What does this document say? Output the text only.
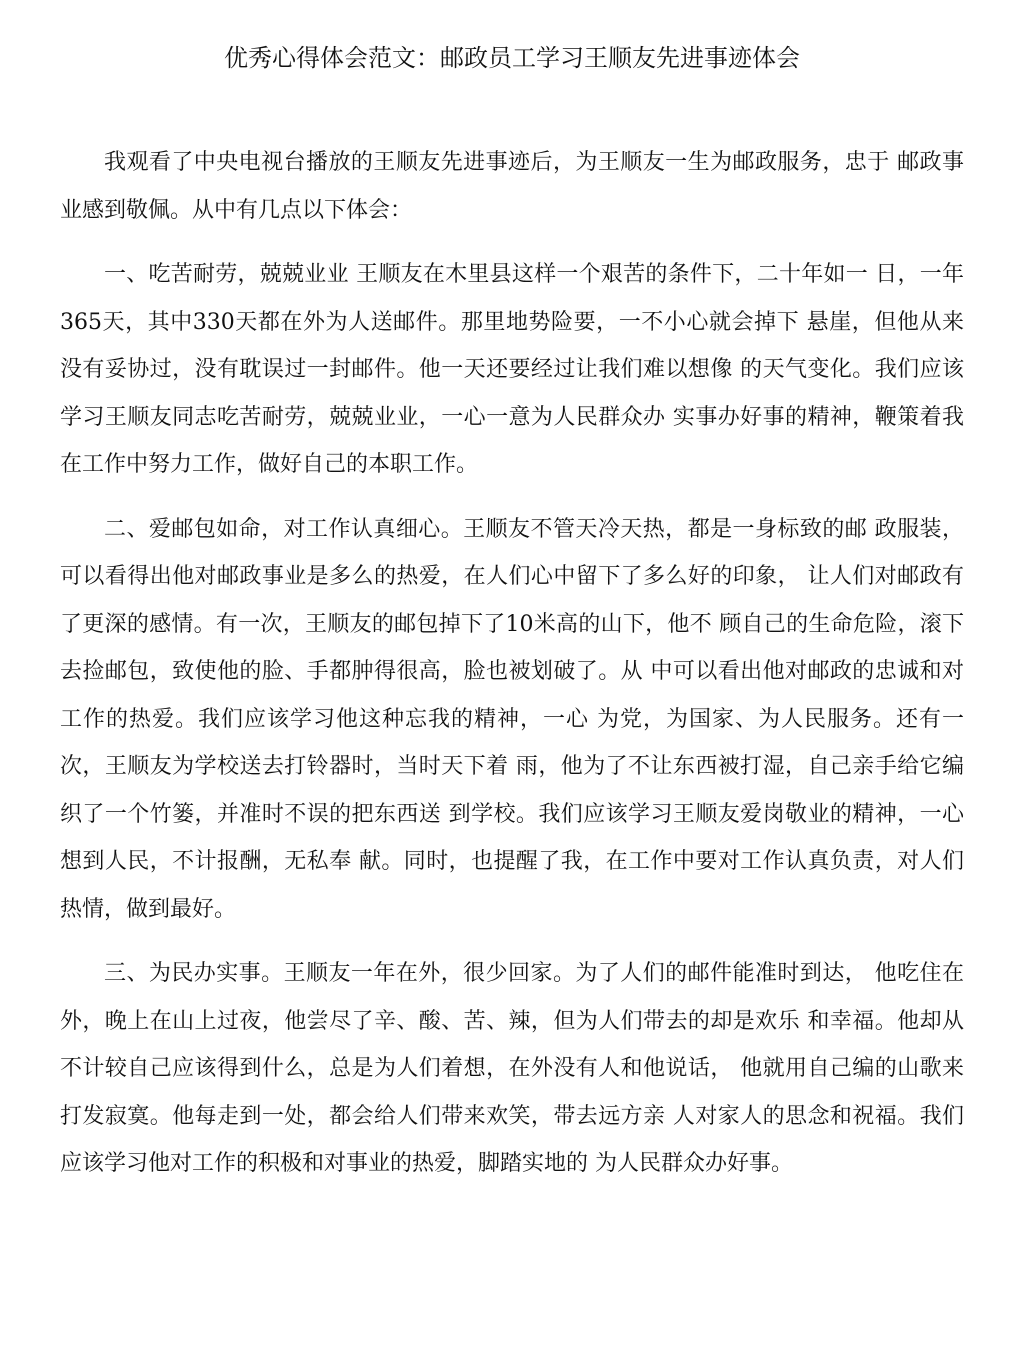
优秀心得体会范文：邮政员工学习王顺友先进事迹体会

我观看了中央电视台播放的王顺友先进事迹后，为王顺友一生为邮政服务，忠于 邮政事业感到敬佩。从中有几点以下体会：

一、吃苦耐劳，兢兢业业 王顺友在木里县这样一个艰苦的条件下，二十年如一 日，一年365天，其中330天都在外为人送邮件。那里地势险要，一不小心就会掉下 悬崖，但他从来没有妥协过，没有耽误过一封邮件。他一天还要经过让我们难以想像 的天气变化。我们应该学习王顺友同志吃苦耐劳，兢兢业业，一心一意为人民群众办 实事办好事的精神，鞭策着我在工作中努力工作，做好自己的本职工作。

二、爱邮包如命，对工作认真细心。王顺友不管天冷天热，都是一身标致的邮 政服装，可以看得出他对邮政事业是多么的热爱，在人们心中留下了多么好的印象， 让人们对邮政有了更深的感情。有一次，王顺友的邮包掉下了10米高的山下，他不 顾自己的生命危险，滚下去捡邮包，致使他的脸、手都肿得很高，脸也被划破了。从 中可以看出他对邮政的忠诚和对工作的热爱。我们应该学习他这种忘我的精神，一心 为党，为国家、为人民服务。还有一次，王顺友为学校送去打铃器时，当时天下着 雨，他为了不让东西被打湿，自己亲手给它编织了一个竹篓，并准时不误的把东西送 到学校。我们应该学习王顺友爱岗敬业的精神，一心想到人民，不计报酬，无私奉 献。同时，也提醒了我，在工作中要对工作认真负责，对人们热情，做到最好。

三、为民办实事。王顺友一年在外，很少回家。为了人们的邮件能准时到达， 他吃住在外，晚上在山上过夜，他尝尽了辛、酸、苦、辣，但为人们带去的却是欢乐 和幸福。他却从不计较自己应该得到什么，总是为人们着想，在外没有人和他说话， 他就用自己编的山歌来打发寂寞。他每走到一处，都会给人们带来欢笑，带去远方亲 人对家人的思念和祝福。我们应该学习他对工作的积极和对事业的热爱，脚踏实地的 为人民群众办好事。
